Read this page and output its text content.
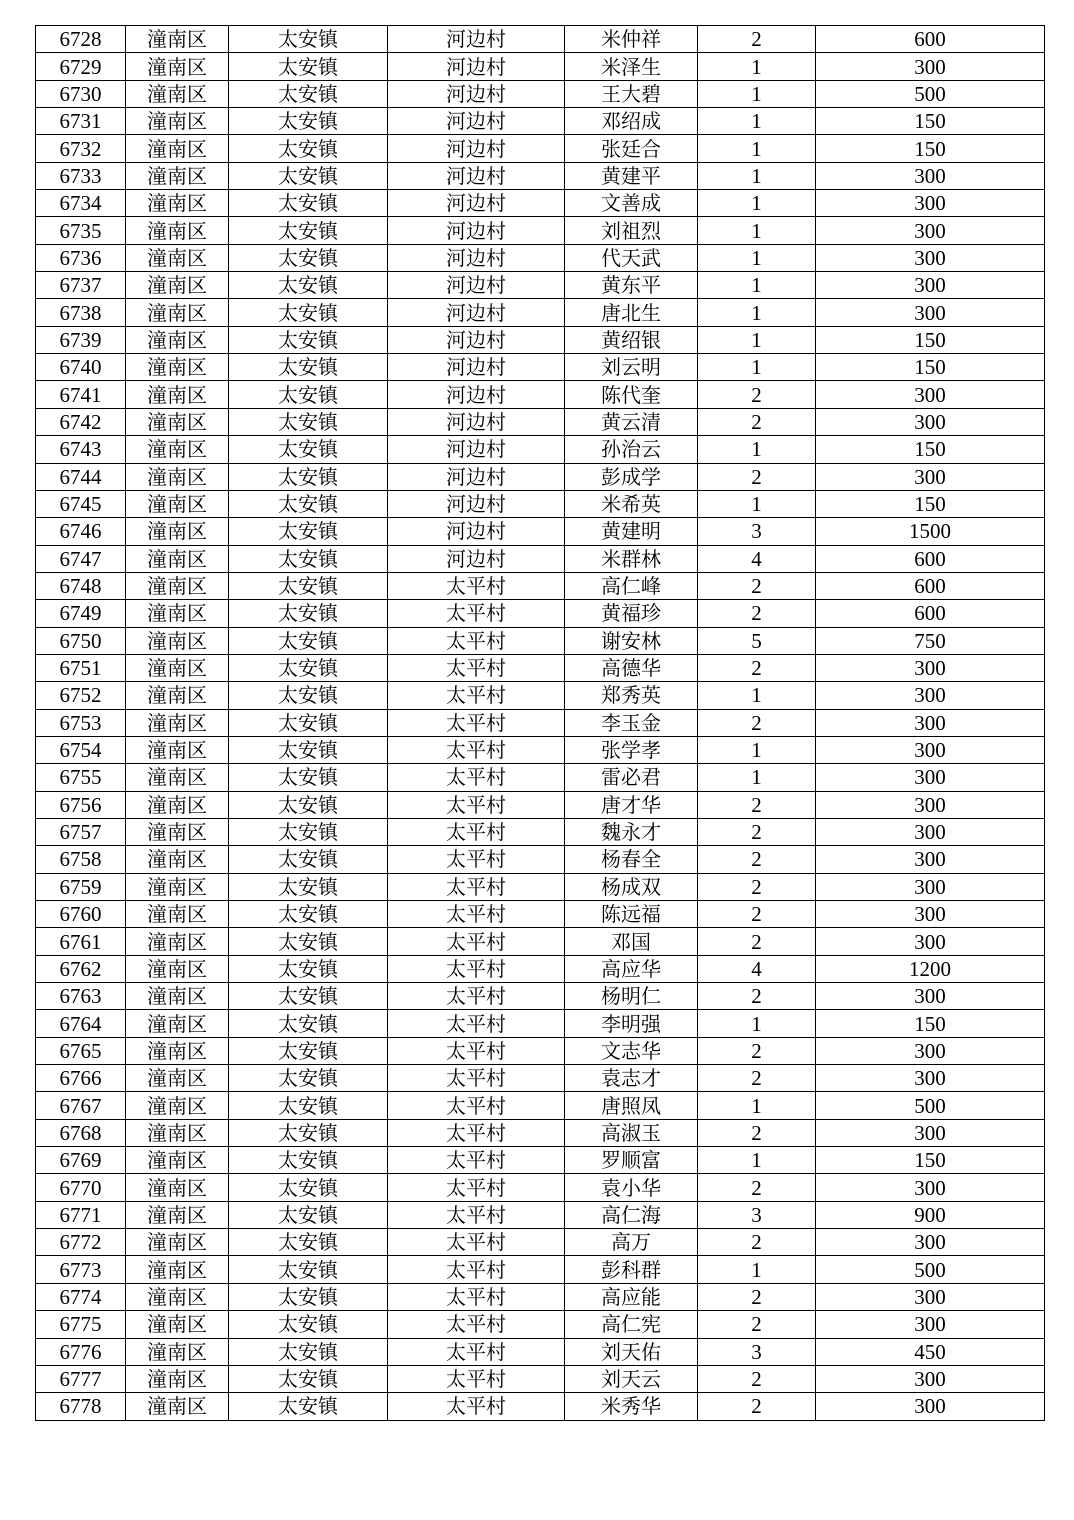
6728	潼南区	太安镇	河边村	米仲祥	2	600
6729	潼南区	太安镇	河边村	米泽生	1	300
6730	潼南区	太安镇	河边村	王大碧	1	500
6731	潼南区	太安镇	河边村	邓绍成	1	150
6732	潼南区	太安镇	河边村	张廷合	1	150
6733	潼南区	太安镇	河边村	黄建平	1	300
6734	潼南区	太安镇	河边村	文善成	1	300
6735	潼南区	太安镇	河边村	刘祖烈	1	300
6736	潼南区	太安镇	河边村	代天武	1	300
6737	潼南区	太安镇	河边村	黄东平	1	300
6738	潼南区	太安镇	河边村	唐北生	1	300
6739	潼南区	太安镇	河边村	黄绍银	1	150
6740	潼南区	太安镇	河边村	刘云明	1	150
6741	潼南区	太安镇	河边村	陈代奎	2	300
6742	潼南区	太安镇	河边村	黄云清	2	300
6743	潼南区	太安镇	河边村	孙治云	1	150
6744	潼南区	太安镇	河边村	彭成学	2	300
6745	潼南区	太安镇	河边村	米希英	1	150
6746	潼南区	太安镇	河边村	黄建明	3	1500
6747	潼南区	太安镇	河边村	米群林	4	600
6748	潼南区	太安镇	太平村	高仁峰	2	600
6749	潼南区	太安镇	太平村	黄福珍	2	600
6750	潼南区	太安镇	太平村	谢安林	5	750
6751	潼南区	太安镇	太平村	高德华	2	300
6752	潼南区	太安镇	太平村	郑秀英	1	300
6753	潼南区	太安镇	太平村	李玉金	2	300
6754	潼南区	太安镇	太平村	张学孝	1	300
6755	潼南区	太安镇	太平村	雷必君	1	300
6756	潼南区	太安镇	太平村	唐才华	2	300
6757	潼南区	太安镇	太平村	魏永才	2	300
6758	潼南区	太安镇	太平村	杨春全	2	300
6759	潼南区	太安镇	太平村	杨成双	2	300
6760	潼南区	太安镇	太平村	陈远福	2	300
6761	潼南区	太安镇	太平村	邓国	2	300
6762	潼南区	太安镇	太平村	高应华	4	1200
6763	潼南区	太安镇	太平村	杨明仁	2	300
6764	潼南区	太安镇	太平村	李明强	1	150
6765	潼南区	太安镇	太平村	文志华	2	300
6766	潼南区	太安镇	太平村	袁志才	2	300
6767	潼南区	太安镇	太平村	唐照凤	1	500
6768	潼南区	太安镇	太平村	高淑玉	2	300
6769	潼南区	太安镇	太平村	罗顺富	1	150
6770	潼南区	太安镇	太平村	袁小华	2	300
6771	潼南区	太安镇	太平村	高仁海	3	900
6772	潼南区	太安镇	太平村	高万	2	300
6773	潼南区	太安镇	太平村	彭科群	1	500
6774	潼南区	太安镇	太平村	高应能	2	300
6775	潼南区	太安镇	太平村	高仁宪	2	300
6776	潼南区	太安镇	太平村	刘天佑	3	450
6777	潼南区	太安镇	太平村	刘天云	2	300
6778	潼南区	太安镇	太平村	米秀华	2	300
